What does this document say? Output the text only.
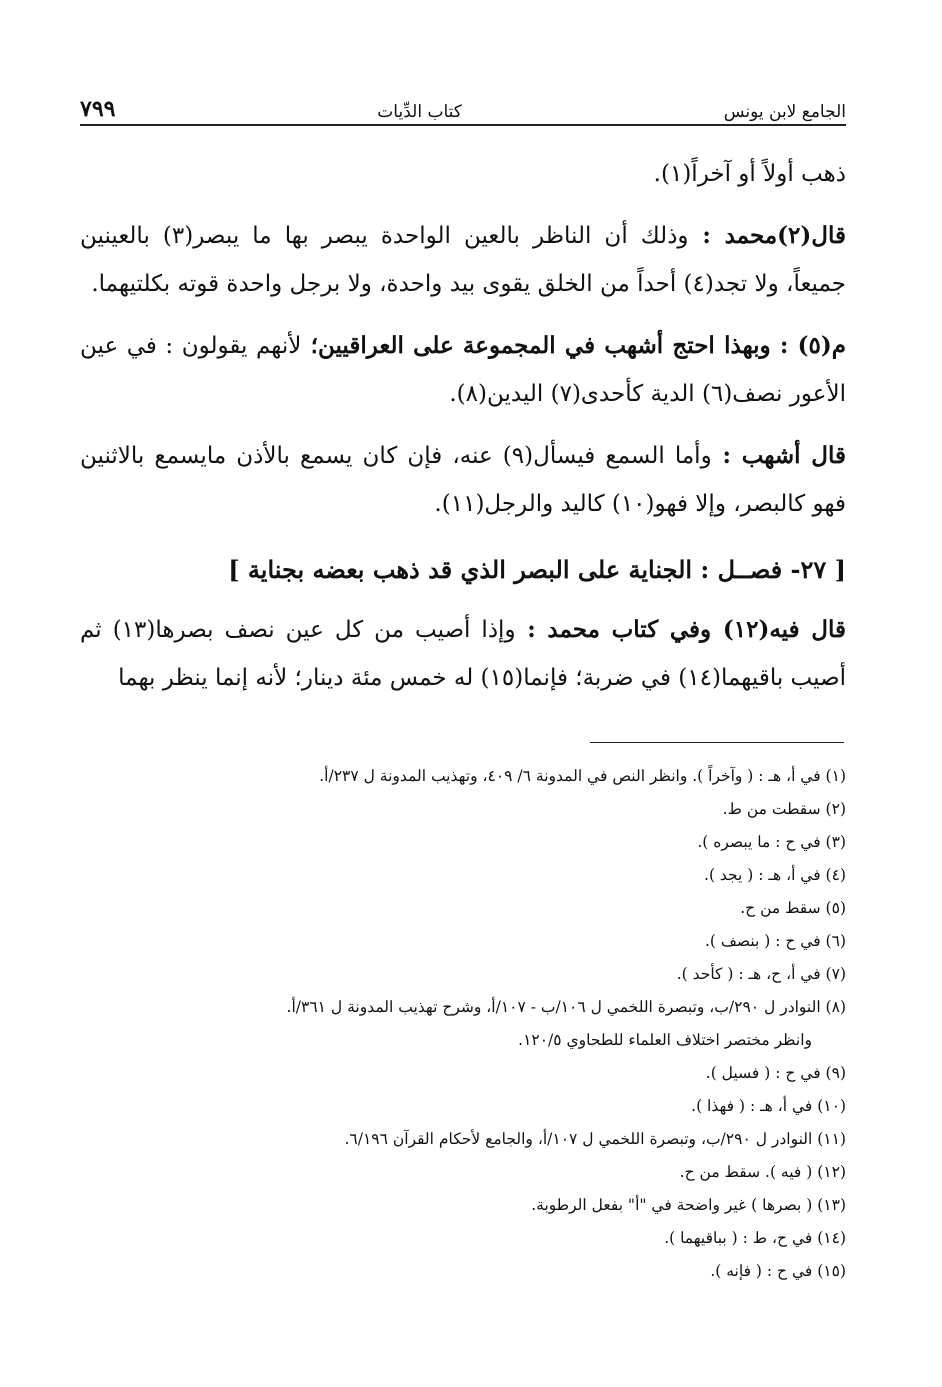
الجامع لابن يونس
كتاب الدِّيات
٧٩٩

ذهب أولاً أو آخراً(١).

قال(٢)محمد : وذلك أن الناظر بالعين الواحدة يبصر بها ما يبصر(٣) بالعينين جميعاً، ولا تجد(٤) أحداً من الخلق يقوى بيد واحدة، ولا برجل واحدة قوته بكلتيهما.

م(٥) : وبهذا احتج أشهب في المجموعة على العراقيين؛ لأنهم يقولون : في عين الأعور نصف(٦) الدية كأحدى(٧) اليدين(٨).

قال أشهب : وأما السمع فيسأل(٩) عنه، فإن كان يسمع بالأذن مايسمع بالاثنين فهو كالبصر، وإلا فهو(١٠) كاليد والرجل(١١).

[ ٢٧- فصــل : الجناية على البصر الذي قد ذهب بعضه بجناية ]

قال فيه(١٢) وفي كتاب محمد : وإذا أصيب من كل عين نصف بصرها(١٣) ثم أصيب باقيهما(١٤) في ضربة؛ فإنما(١٥) له خمس مئة دينار؛ لأنه إنما ينظر بهما

(١) في أ، هـ : ( وآخراً ). وانظر النص في المدونة ٦/ ٤٠٩، وتهذيب المدونة ل ٢٣٧/أ.

(٢) سقطت من ط.

(٣) في ح : ما يبصره ).

(٤) في أ، هـ : ( يجد ).

(٥) سقط من ح.

(٦) في ح : ( بنصف ).

(٧) في أ، ح، هـ : ( كأحد ).

(٨) النوادر ل ٢٩٠/ب، وتبصرة اللخمي ل ١٠٦/ب - ١٠٧/أ، وشرح تهذيب المدونة ل ٣٦١/أ.

وانظر مختصر اختلاف العلماء للطحاوي ١٢٠/٥.

(٩) في ح : ( فسيل ).

(١٠) في أ، هـ : ( فهذا ).

(١١) النوادر ل ٢٩٠/ب، وتبصرة اللخمي ل ١٠٧/أ، والجامع لأحكام القرآن ٦/١٩٦.

(١٢) ( فيه ). سقط من ح.

(١٣) ( بصرها ) غير واضحة في "أ" بفعل الرطوبة.

(١٤) في ح، ط : ( بباقيهما ).

(١٥) في ح : ( فإنه ).
